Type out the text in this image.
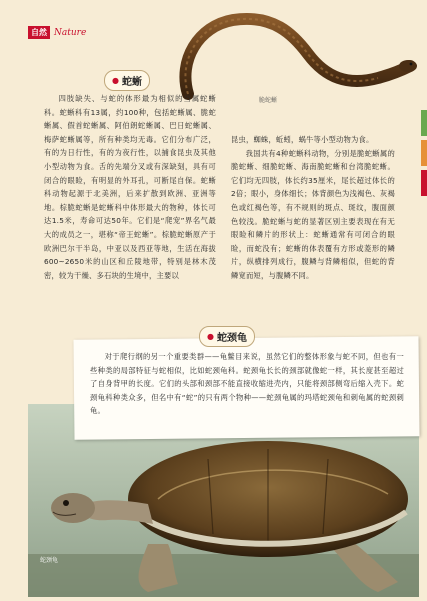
自然 Nature
脆蛇蜥
● 蛇蜥

四肢缺失、与蛇的体形最为相似的当属蛇蜥科。蛇蜥科有13属，约100种，包括蛇蜥属、脆蛇蜥属、假首蛇蜥属、阿伯朗蛇蜥属、巴日蛇蜥属、梅萨蛇蜥属等，所有种类均无毒。它们分布广泛，有的为日行性，有的为夜行性，以捕食昆虫及其他小型动物为食。舌的先端分叉或有深缺刻，具有可闭合的眼睑，有明显的外耳孔，可断尾自保。蛇蜥科动物起源于北美洲，后来扩散到欧洲、亚洲等地。棕脆蛇蜥是蛇蜥科中体形最大的物种，体长可达1.5米，寿命可达50年。它们是“爬宠”界名气最大的成员之一，堪称“帝王蛇蜥”。棕脆蛇蜥原产于欧洲巴尔干半岛，中亚以及西亚等地，生活在海拔600~2650米的山区和丘陵地带，特别是林木茂密，较为干燥、多石块的生境中，主要以

昆虫，蜘蛛，蚯蚓，蜗牛等小型动物为食。

我国共有4种蛇蜥科动物，分别是脆蛇蜥属的脆蛇蜥、细脆蛇蜥、海南脆蛇蜥和台湾脆蛇蜥。它们均无四肢，体长约35厘米，尾长超过体长的2倍；眼小，身体细长；体背颜色为浅褐色、灰褐色或红褐色等，有不规则的斑点、斑纹，腹面颜色较浅。脆蛇蜥与蛇的显著区别主要表现在有无眼睑和鳞片的形状上：蛇蜥通常有可闭合的眼睑，而蛇没有；蛇蜥的体表覆有方形或菱形的鳞片，纵横排列成行，腹鳞与背鳞相似，但蛇的背鳞宽而短，与腹鳞不同。

蛇颈龟
● 蛇颈龟

对于爬行纲的另一个重要类群——龟鳖目来说，虽然它们的整体形象与蛇不同，但也有一些种类的局部特征与蛇相似，比如蛇颈龟科。蛇颈龟长长的颈部就像蛇一样，其长度甚至超过了自身背甲的长度。它们的头部和颈部不能直接收缩进壳内，只能将颈部侧弯后缩入壳下。蛇颈龟科种类众多，但名中有“蛇”的只有两个物种——蛇颈龟属的玛塔蛇颈龟和刺龟属的蛇颈刺龟。
